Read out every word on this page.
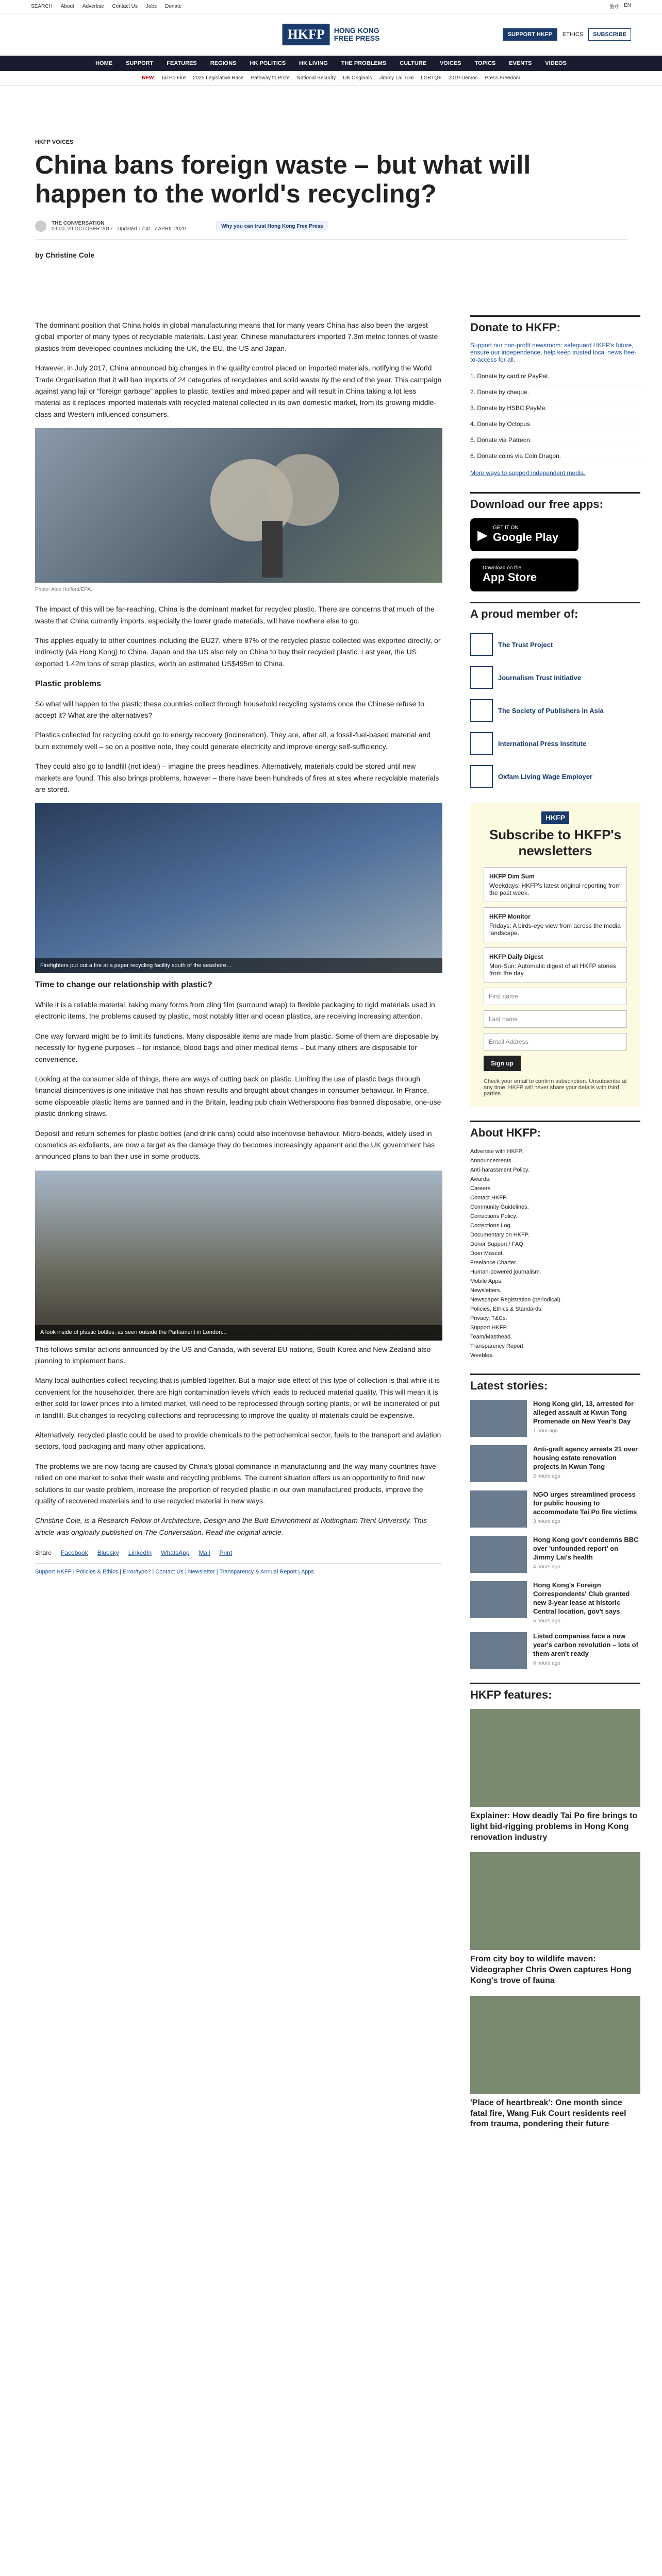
SEARCH About Advertise Contact Us Jobs Donate	繁中 EN
HKFP	HONG KONG
FREE PRESS	SUPPORT HKFP	ETHICS	SUBSCRIBE
HOME SUPPORT FEATURES REGIONS HK POLITICS HK LIVING THE PROBLEMS CULTURE VOICES TOPICS EVENTS VIDEOS
NEW Tai Po Fire 2025 Legislative Race Pathway to Prize National Security UK Originals Jimmy Lai Trial LGBTQ+ 2019 Demos Press Freedom
HKFP VOICES
China bans foreign waste – but what will happen to the world's recycling?
THE CONVERSATION
09:00, 29 OCTOBER 2017 · Updated 17:41, 7 APRIL 2020	Why you can trust Hong Kong Free Press
by Christine Cole

The dominant position that China holds in global manufacturing means that for many years China has also been the largest global importer of many types of recyclable materials. Last year, Chinese manufacturers imported 7.3m metric tonnes of waste plastics from developed countries including the UK, the EU, the US and Japan.

However, in July 2017, China announced big changes in the quality control placed on imported materials, notifying the World Trade Organisation that it will ban imports of 24 categories of recyclables and solid waste by the end of the year. This campaign against yang laji or “foreign garbage” applies to plastic, textiles and mixed paper and will result in China taking a lot less material as it replaces imported materials with recycled material collected in its own domestic market, from its growing middle-class and Western-influenced consumers.

Photo: Alex Hofford/EPA.

The impact of this will be far-reaching. China is the dominant market for recycled plastic. There are concerns that much of the waste that China currently imports, especially the lower grade materials, will have nowhere else to go.

This applies equally to other countries including the EU27, where 87% of the recycled plastic collected was exported directly, or indirectly (via Hong Kong) to China. Japan and the US also rely on China to buy their recycled plastic. Last year, the US exported 1.42m tons of scrap plastics, worth an estimated US$495m to China.

Plastic problems

So what will happen to the plastic these countries collect through household recycling systems once the Chinese refuse to accept it? What are the alternatives?

Plastics collected for recycling could go to energy recovery (incineration). They are, after all, a fossil-fuel-based material and burn extremely well – so on a positive note, they could generate electricity and improve energy self-sufficiency.

They could also go to landfill (not ideal) – imagine the press headlines. Alternatively, materials could be stored until new markets are found. This also brings problems, however – there have been hundreds of fires at sites where recyclable materials are stored.

Firefighters put out a fire at a paper recycling facility south of the seashore…
Time to change our relationship with plastic?

While it is a reliable material, taking many forms from cling film (surround wrap) to flexible packaging to rigid materials used in electronic items, the problems caused by plastic, most notably litter and ocean plastics, are receiving increasing attention.

One way forward might be to limit its functions. Many disposable items are made from plastic. Some of them are disposable by necessity for hygiene purposes – for instance, blood bags and other medical items – but many others are disposable for convenience.

Looking at the consumer side of things, there are ways of cutting back on plastic. Limiting the use of plastic bags through financial disincentives is one initiative that has shown results and brought about changes in consumer behaviour. In France, some disposable plastic items are banned and in the Britain, leading pub chain Wetherspoons has banned disposable, one-use plastic drinking straws.

Deposit and return schemes for plastic bottles (and drink cans) could also incentivise behaviour. Micro-beads, widely used in cosmetics as exfoliants, are now a target as the damage they do becomes increasingly apparent and the UK government has announced plans to ban their use in some products.

A look inside of plastic bottles, as seen outside the Parliament in London...

This follows similar actions announced by the US and Canada, with several EU nations, South Korea and New Zealand also planning to implement bans.

Many local authorities collect recycling that is jumbled together. But a major side effect of this type of collection is that while it is convenient for the householder, there are high contamination levels which leads to reduced material quality. This will mean it is either sold for lower prices into a limited market, will need to be reprocessed through sorting plants, or will be incinerated or put in landfill. But changes to recycling collections and reprocessing to improve the quality of materials could be expensive.

Alternatively, recycled plastic could be used to provide chemicals to the petrochemical sector, fuels to the transport and aviation sectors, food packaging and many other applications.

The problems we are now facing are caused by China's global dominance in manufacturing and the way many countries have relied on one market to solve their waste and recycling problems. The current situation offers us an opportunity to find new solutions to our waste problem, increase the proportion of recycled plastic in our own manufactured products, improve the quality of recovered materials and to use recycled material in new ways.

Christine Cole, is a Research Fellow of Architecture, Design and the Built Environment at Nottingham Trent University. This article was originally published on The Conversation. Read the original article.

Share Facebook Bluesky LinkedIn WhatsApp Mail Print
Support HKFP | Policies & Ethics | Error/typo? | Contact Us | Newsletter | Transparency & Annual Report | Apps
Donate to HKFP:
Support our non-profit newsroom: safeguard HKFP's future, ensure our independence, help keep trusted local news free-to-access for all.
1. Donate by card or PayPal.
2. Donate by cheque.
3. Donate by HSBC PayMe.
4. Donate by Octopus.
5. Donate via Patreon.
6. Donate coins via Coin Dragon.
More ways to support independent media.
Download our free apps:
▶ GET IT ON
Google Play
Download on the
App Store
A proud member of:
The Trust Project
Journalism Trust Initiative
The Society of Publishers in Asia
International Press Institute
Oxfam Living Wage Employer
HKFP
Subscribe to HKFP's newsletters
HKFP Dim Sum
Weekdays: HKFP's latest original reporting from the past week.
HKFP Monitor
Fridays: A birds-eye view from across the media landscape.
HKFP Daily Digest
Mon-Sun: Automatic digest of all HKFP stories from the day.
First name
Last name
Email Address
Sign up
Check your email to confirm subscription. Unsubscribe at any time. HKFP will never share your details with third parties.
About HKFP:
Advertise with HKFP.
Announcements.
Anti-harassment Policy.
Awards.
Careers.
Contact HKFP.
Community Guidelines.
Corrections Policy.
Corrections Log.
Documentary on HKFP.
Donor Support / FAQ.
Doer Mascot.
Freelance Charter.
Human-powered journalism.
Mobile Apps.
Newsletters.
Newspaper Registration (periodical).
Policies, Ethics & Standards.
Privacy, T&Cs.
Support HKFP.
Team/Masthead.
Transparency Report.
Weebles.
Latest stories:
Hong Kong girl, 13, arrested for alleged assault at Kwun Tong Promenade on New Year's Day
1 hour ago
Anti-graft agency arrests 21 over housing estate renovation projects in Kwun Tong
2 hours ago
NGO urges streamlined process for public housing to accommodate Tai Po fire victims
3 hours ago
Hong Kong gov't condemns BBC over 'unfounded report' on Jimmy Lai's health
4 hours ago
Hong Kong's Foreign Correspondents' Club granted new 3-year lease at historic Central location, gov't says
5 hours ago
Listed companies face a new year's carbon revolution – lots of them aren't ready
6 hours ago
HKFP features:
Explainer: How deadly Tai Po fire brings to light bid-rigging problems in Hong Kong renovation industry
From city boy to wildlife maven: Videographer Chris Owen captures Hong Kong's trove of fauna
'Place of heartbreak': One month since fatal fire, Wang Fuk Court residents reel from trauma, pondering their future
